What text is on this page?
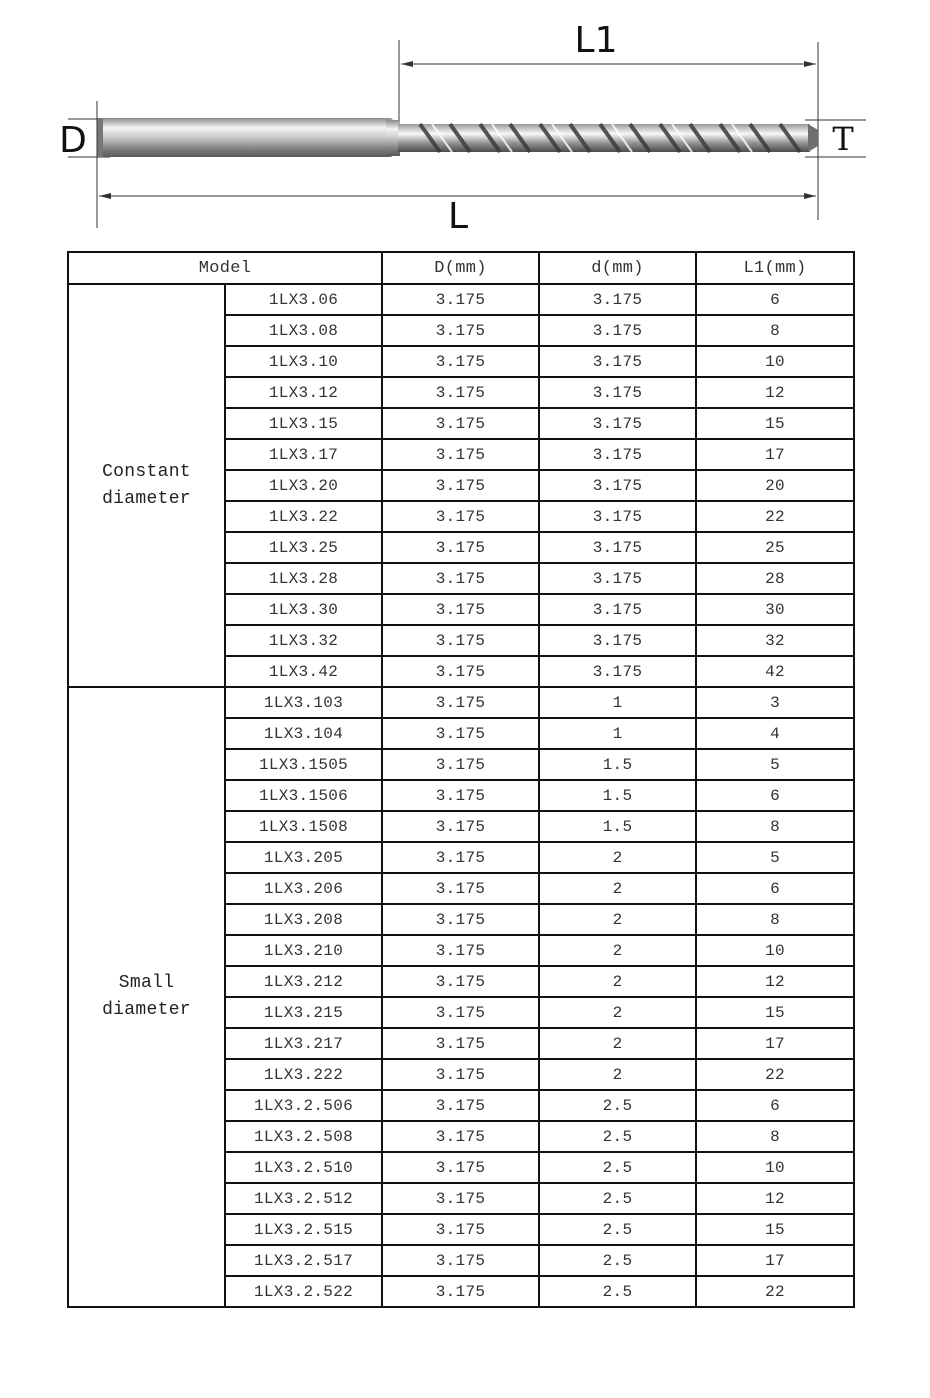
L1
D	T
L
Model		D(mm)	d(mm)	L1(mm)
Constant
diameter	1LX3.06	3.175	3.175	6
	1LX3.08	3.175	3.175	8
	1LX3.10	3.175	3.175	10
	1LX3.12	3.175	3.175	12
	1LX3.15	3.175	3.175	15
	1LX3.17	3.175	3.175	17
	1LX3.20	3.175	3.175	20
	1LX3.22	3.175	3.175	22
	1LX3.25	3.175	3.175	25
	1LX3.28	3.175	3.175	28
	1LX3.30	3.175	3.175	30
	1LX3.32	3.175	3.175	32
	1LX3.42	3.175	3.175	42
Small
diameter	1LX3.103	3.175	1	3
	1LX3.104	3.175	1	4
	1LX3.1505	3.175	1.5	5
	1LX3.1506	3.175	1.5	6
	1LX3.1508	3.175	1.5	8
	1LX3.205	3.175	2	5
	1LX3.206	3.175	2	6
	1LX3.208	3.175	2	8
	1LX3.210	3.175	2	10
	1LX3.212	3.175	2	12
	1LX3.215	3.175	2	15
	1LX3.217	3.175	2	17
	1LX3.222	3.175	2	22
	1LX3.2.506	3.175	2.5	6
	1LX3.2.508	3.175	2.5	8
	1LX3.2.510	3.175	2.5	10
	1LX3.2.512	3.175	2.5	12
	1LX3.2.515	3.175	2.5	15
	1LX3.2.517	3.175	2.5	17
	1LX3.2.522	3.175	2.5	22
